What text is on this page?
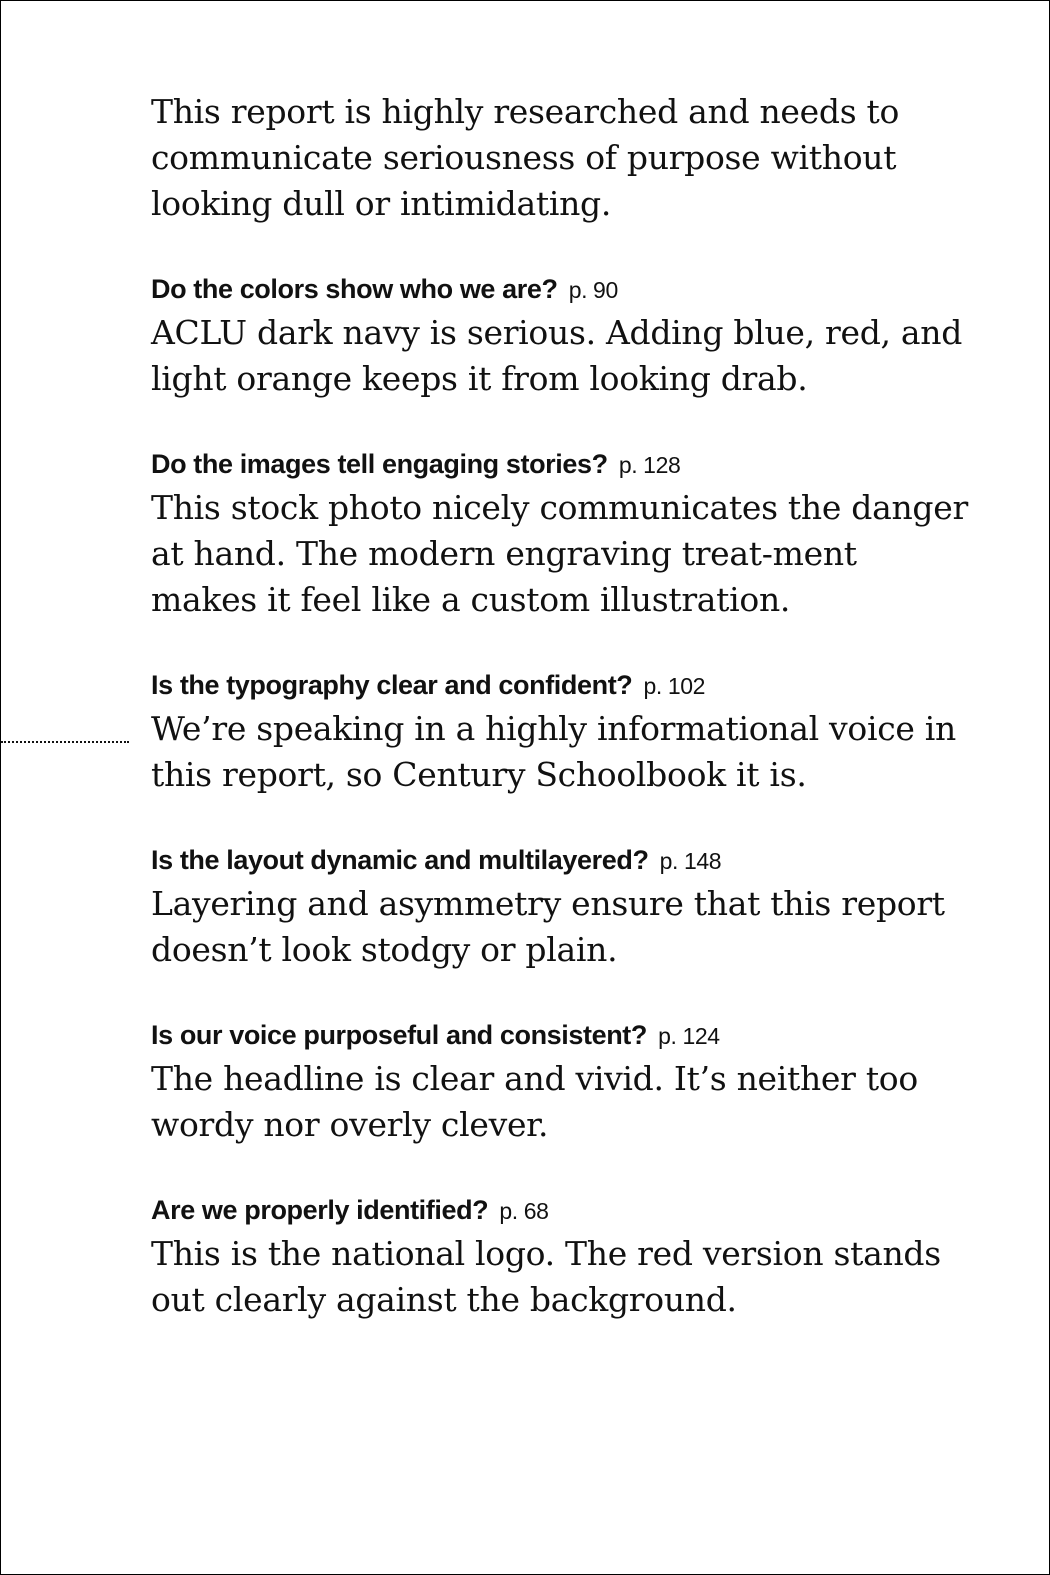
This report is highly researched and needs to communicate seriousness of purpose without looking dull or intimidating.

Do the colors show who we are? p. 90

ACLU dark navy is serious. Adding blue, red, and light orange keeps it from looking drab.

Do the images tell engaging stories? p. 128

This stock photo nicely communicates the danger at hand. The modern engraving treat-ment makes it feel like a custom illustration.

Is the typography clear and confident? p. 102

We’re speaking in a highly informational voice in this report, so Century Schoolbook it is.

Is the layout dynamic and multilayered? p. 148

Layering and asymmetry ensure that this report doesn’t look stodgy or plain.

Is our voice purposeful and consistent? p. 124

The headline is clear and vivid. It’s neither too wordy nor overly clever.

Are we properly identified? p. 68

This is the national logo. The red version stands out clearly against the background.
